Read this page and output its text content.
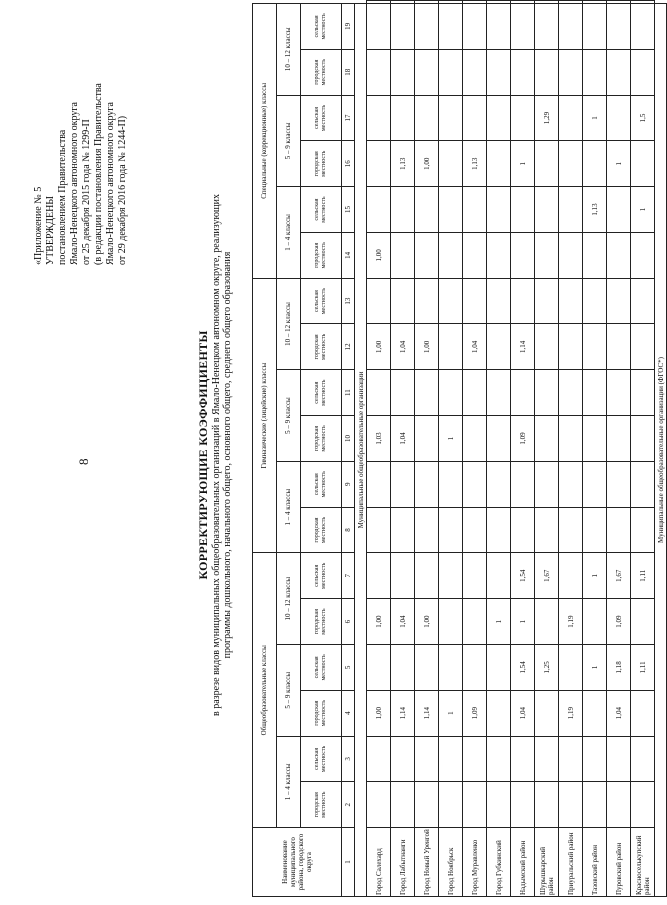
8
«Приложение № 5 УТВЕРЖДЕНЫ постановлением Правительства Ямало-Ненецкого автономного округа от 25 декабря 2015 года № 1299-П (в редакции постановления Правительства Ямало-Ненецкого автономного округа от 29 декабря 2016 года № 1244-П)
КОРРЕКТИРУЮЩИЕ КОЭФФИЦИЕНТЫ в разрезе видов муниципальных общеобразовательных организаций в Ямало-Ненецком автономном округе, реализующих программы дошкольного, начального общего, основного общего, среднего общего образования
Наименование муниципального района, городского округа	Общеобразовательные классы						Гимназические (лицейские) классы						Специальные (коррекционные) классы						
	1 – 4 классы		5 – 9 классы		10 – 12 классы		1 – 4 классы		5 – 9 классы		10 – 12 классы		1 – 4 классы		5 – 9 классы		10 – 12 классы		
	городская местность	сельская местность	городская местность	сельская местность	городская местность	сельская местность	городская местность	сельская местность	городская местность	сельская местность	городская местность	сельская местность	городская местность	сельская местность	городская местность	сельская местность	городская местность	сельская местность	
1	2	3	4	5	6	7	8	9	10	11	12	13	14	15	16	17	18	19	
Муниципальные общеобразовательные организации																			
Город Салехард			1,00		1,00				1,03		1,00		1,00						
Город Лабытнанги			1,14		1,04				1,04		1,04				1,13				
Город Новый Уренгой			1,14		1,00						1,00				1,00				
Город Ноябрьск			1						1										
Город Муравленко			1,09								1,04				1,13				
Город Губкинский					1														
Надымский район			1,04	1,54	1	1,54			1,09		1,14				1				
Шурышкарский район				1,25		1,67										1,29			
Приуральский район			1,19		1,19														
Тазовский район				1		1								1,13		1			
Пуровский район			1,04	1,18	1,09	1,67									1				
Красноселькупский район				1,11		1,11								1		1,5			
Муниципальные общеобразовательные организации (ФГОС*)																			
